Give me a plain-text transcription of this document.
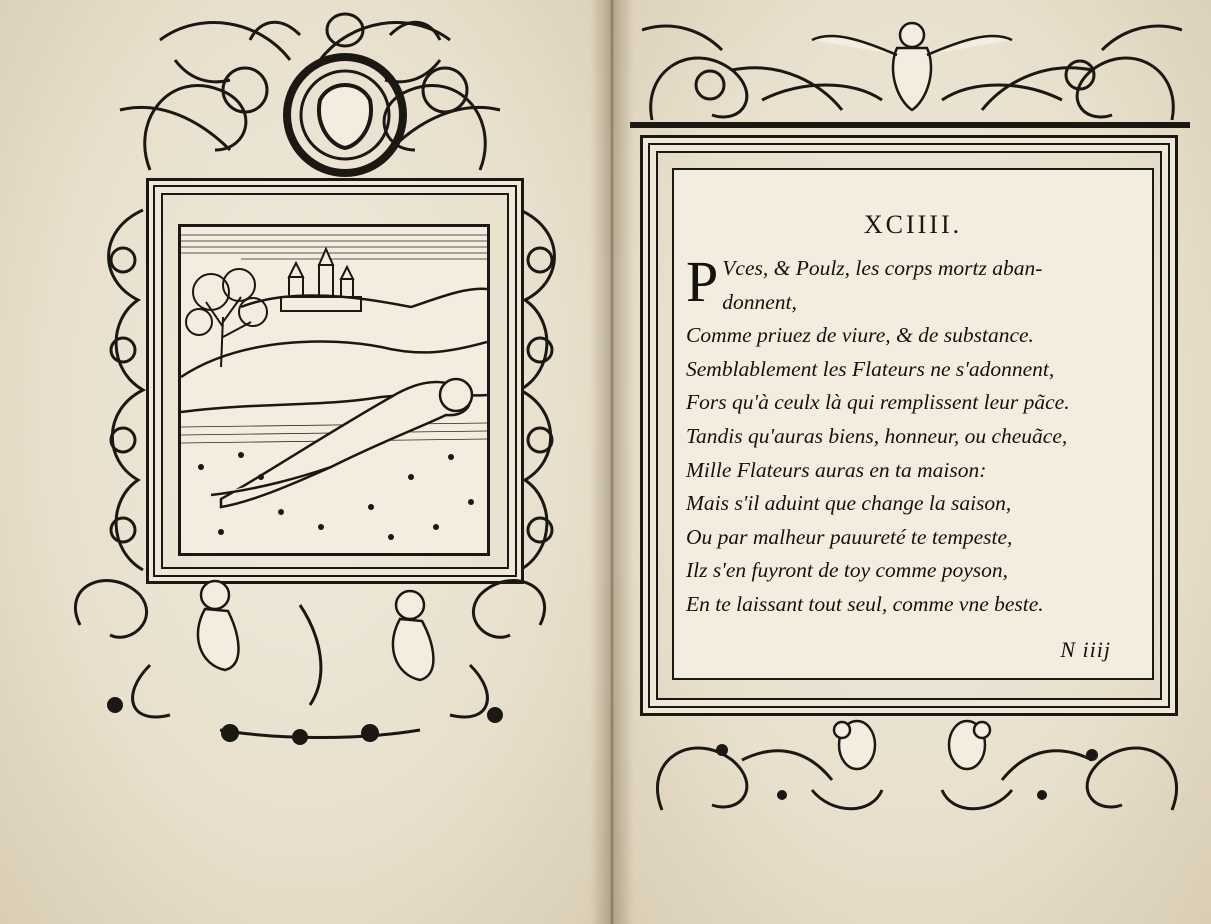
XCIIII.
P Vces, & Poulz, les corps mortz aban-
donnent,
Comme priuez de viure, & de substance.
Semblablement les Flateurs ne s'adonnent,
Fors qu'à ceulx là qui remplissent leur pãce.
Tandis qu'auras biens, honneur, ou cheuãce,
Mille Flateurs auras en ta maison:
Mais s'il aduint que change la saison,
Ou par malheur pauureté te tempeste,
Ilz s'en fuyront de toy comme poyson,
En te laissant tout seul, comme vne beste.
N iiij
